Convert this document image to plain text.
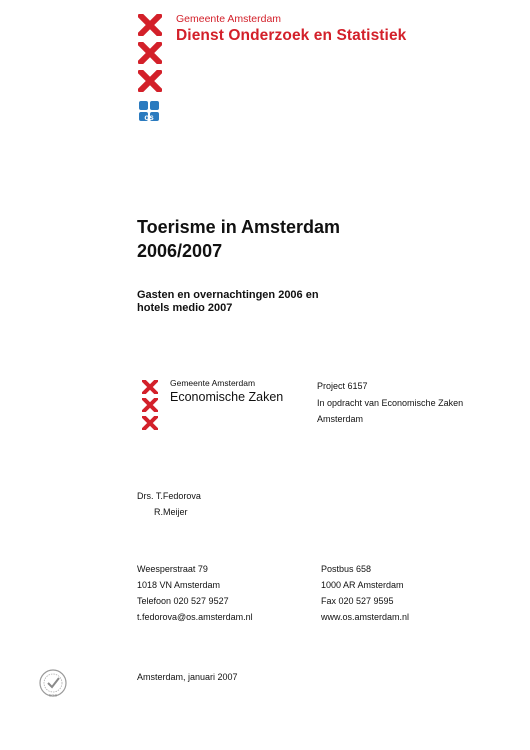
os
Gemeente Amsterdam
Dienst Onderzoek en Statistiek
Toerisme in Amsterdam
2006/2007
Gasten en overnachtingen 2006 en
hotels medio 2007
Gemeente Amsterdam
Economische Zaken
Project 6157
In opdracht van Economische Zaken
Amsterdam
Drs. T.Fedorova
R.Meijer
Weesperstraat 79
1018 VN Amsterdam
Telefoon 020 527 9527
t.fedorova@os.amsterdam.nl
Postbus 658
1000 AR Amsterdam
Fax 020 527 9595
www.os.amsterdam.nl
Amsterdam, januari 2007
SGS
